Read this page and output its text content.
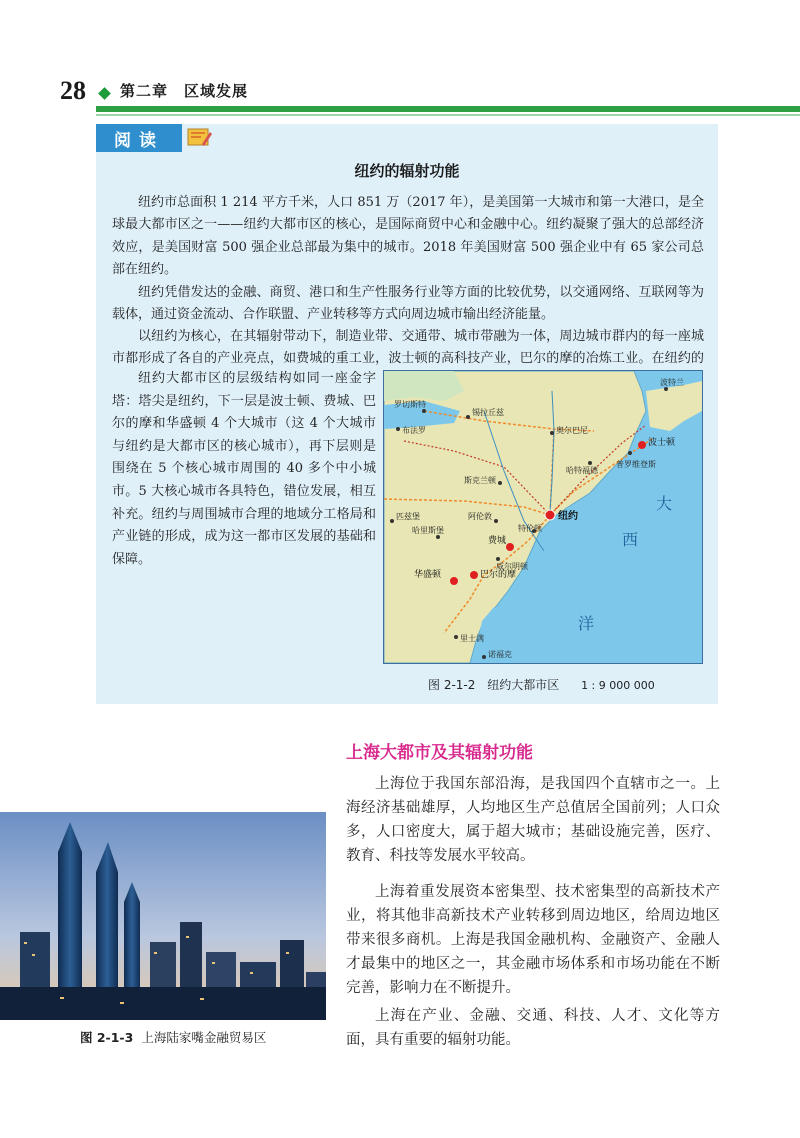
28 第二章　区域发展
阅读
纽约的辐射功能

纽约市总面积 1 214 平方千米，人口 851 万（2017 年），是美国第一大城市和第一大港口，是全球最大都市区之一——纽约大都市区的核心，是国际商贸中心和金融中心。纽约凝聚了强大的总部经济效应，是美国财富 500 强企业总部最为集中的城市。2018 年美国财富 500 强企业中有 65 家公司总部在纽约。

纽约凭借发达的金融、商贸、港口和生产性服务行业等方面的比较优势，以交通网络、互联网等为载体，通过资金流动、合作联盟、产业转移等方式向周边城市输出经济能量。

以纽约为核心，在其辐射带动下，制造业带、交通带、城市带融为一体，周边城市群内的每一座城市都形成了各自的产业亮点，如费城的重工业，波士顿的高科技产业，巴尔的摩的冶炼工业。在纽约的

纽约大都市区的层级结构如同一座金字塔：塔尖是纽约，下一层是波士顿、费城、巴尔的摩和华盛顿 4 个大城市（这 4 个大城市与纽约是大都市区的核心城市），再下层则是围绕在 5 个核心城市周围的 40 多个中小城市。5 大核心城市各具特色，错位发展，相互补充。纽约与周围城市合理的地域分工格局和产业链的形成，成为这一都市区发展的基础和保障。

纽约
波士顿
费城
巴尔的摩
华盛顿
布法罗
罗切斯特
锡拉丘兹
奥尔巴尼
哈特福德
普罗维登斯
波特兰
匹兹堡
里士满
诺福克
哈里斯堡	特伦顿
威尔明顿
阿伦敦
斯克兰顿
大
西
洋
图 2-1-2 纽约大都市区 1 : 9 000 000
上海大都市及其辐射功能

上海位于我国东部沿海，是我国四个直辖市之一。上海经济基础雄厚，人均地区生产总值居全国前列；人口众多，人口密度大，属于超大城市；基础设施完善，医疗、教育、科技等发展水平较高。

上海着重发展资本密集型、技术密集型的高新技术产业，将其他非高新技术产业转移到周边地区，给周边地区带来很多商机。上海是我国金融机构、金融资产、金融人才最集中的地区之一，其金融市场体系和市场功能在不断完善，影响力在不断提升。

上海在产业、金融、交通、科技、人才、文化等方面，具有重要的辐射功能。

图 2-1-3 上海陆家嘴金融贸易区
